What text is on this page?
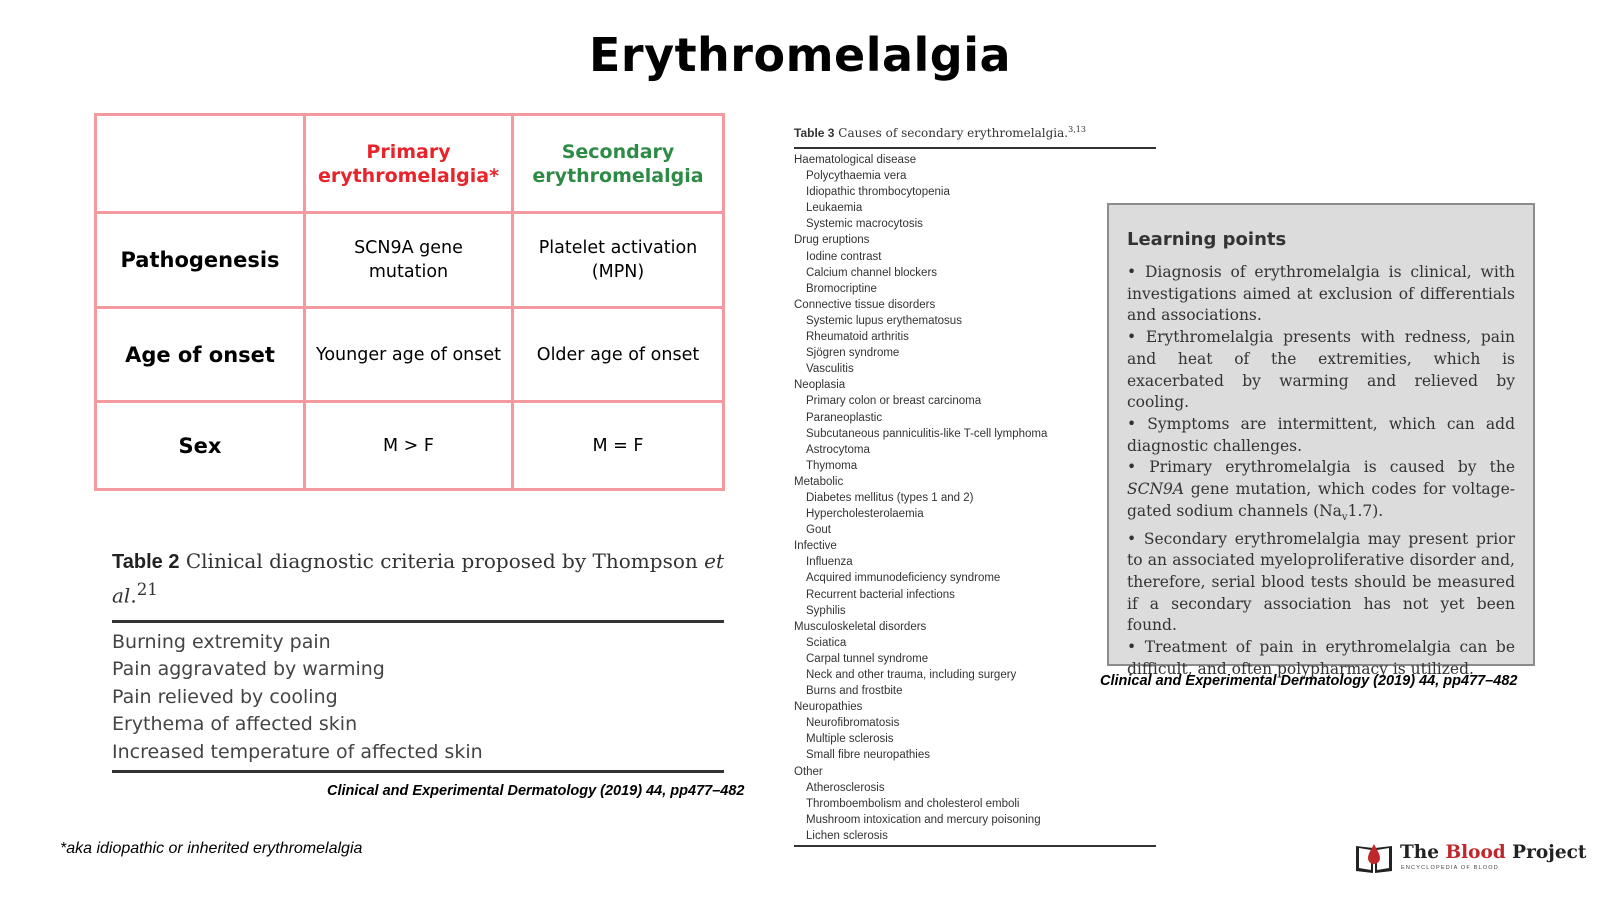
Erythromelalgia
	Primary erythromelalgia*	Secondary erythromelalgia
Pathogenesis	SCN9A gene mutation	Platelet activation (MPN)
Age of onset	Younger age of onset	Older age of onset
Sex	M > F	M = F
Table 2 Clinical diagnostic criteria proposed by Thompson et al.$^{21}$
Burning extremity pain
Pain aggravated by warming
Pain relieved by cooling
Erythema of affected skin
Increased temperature of affected skin
Clinical and Experimental Dermatology (2019) 44, pp477–482
*aka idiopathic or inherited erythromelalgia
Table 3 Causes of secondary erythromelalgia.$^{3,13}$
Haematological disease
Polycythaemia vera
Idiopathic thrombocytopenia
Leukaemia
Systemic macrocytosis
Drug eruptions
Iodine contrast
Calcium channel blockers
Bromocriptine
Connective tissue disorders
Systemic lupus erythematosus
Rheumatoid arthritis
Sjögren syndrome
Vasculitis
Neoplasia
Primary colon or breast carcinoma
Paraneoplastic
Subcutaneous panniculitis-like T-cell lymphoma
Astrocytoma
Thymoma
Metabolic
Diabetes mellitus (types 1 and 2)
Hypercholesterolaemia
Gout
Infective
Influenza
Acquired immunodeficiency syndrome
Recurrent bacterial infections
Syphilis
Musculoskeletal disorders
Sciatica
Carpal tunnel syndrome
Neck and other trauma, including surgery
Burns and frostbite
Neuropathies
Neurofibromatosis
Multiple sclerosis
Small fibre neuropathies
Other
Atherosclerosis
Thromboembolism and cholesterol emboli
Mushroom intoxication and mercury poisoning
Lichen sclerosis
Learning points
• Diagnosis of erythromelalgia is clinical, with investigations aimed at exclusion of differentials and associations.
• Erythromelalgia presents with redness, pain and heat of the extremities, which is exacerbated by warming and relieved by cooling.
• Symptoms are intermittent, which can add diagnostic challenges.
• Primary erythromelalgia is caused by the SCN9A gene mutation, which codes for voltage-gated sodium channels $(Na_v1.7)$.
• Secondary erythromelalgia may present prior to an associated myeloproliferative disorder and, therefore, serial blood tests should be measured if a secondary association has not yet been found.
• Treatment of pain in erythromelalgia can be difficult, and often polypharmacy is utilized.
Clinical and Experimental Dermatology (2019) 44, pp477–482
The Blood Project
ENCYCLOPEDIA OF BLOOD
